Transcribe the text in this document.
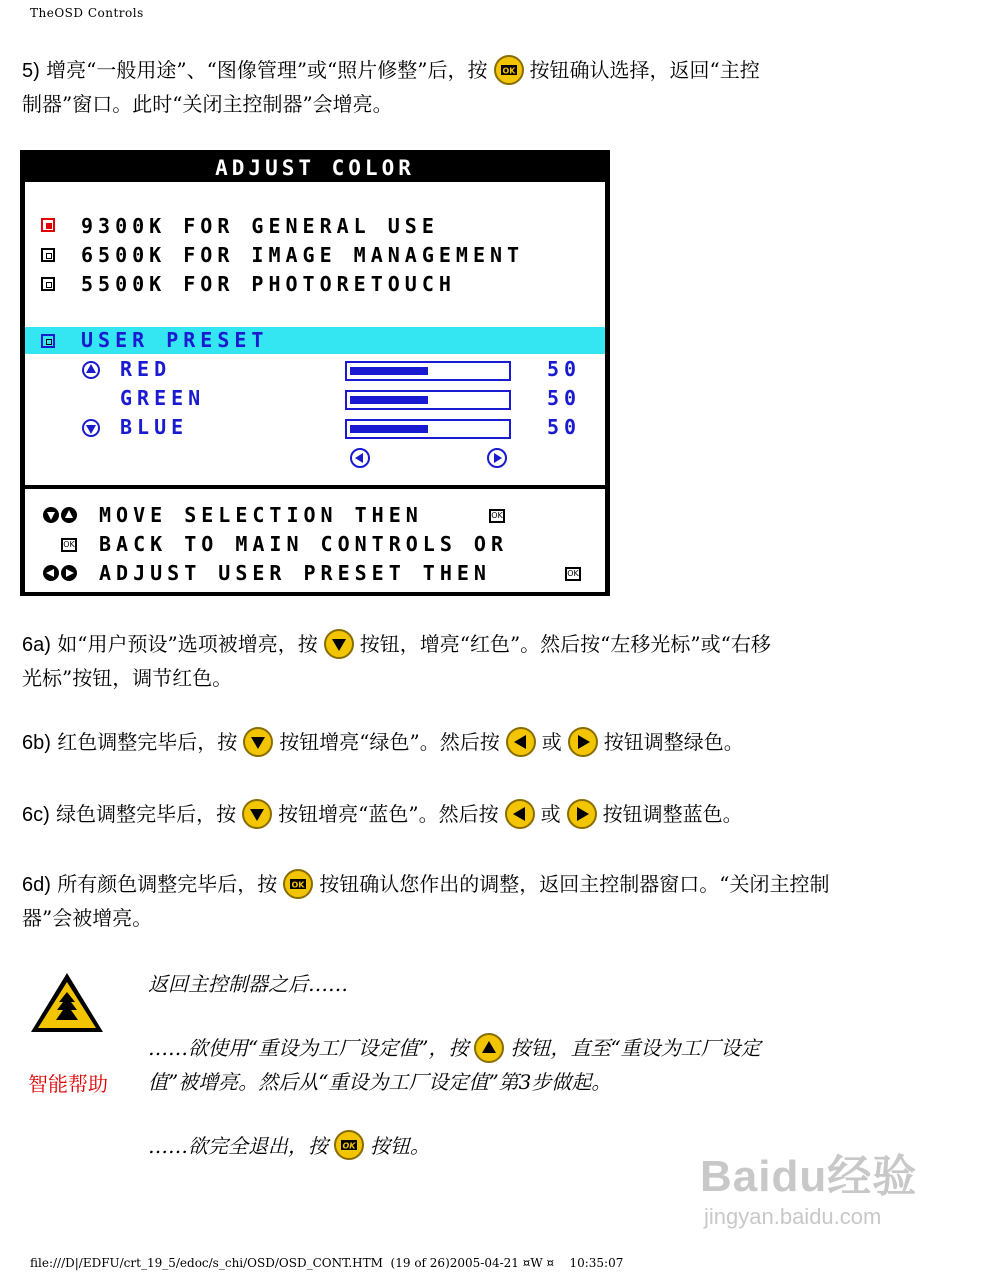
TheOSD Controls
5) 增亮“一般用途”、“图像管理”或“照片修整”后，按 OK 按钮确认选择，返回“主控
制器”窗口。此时“关闭主控制器”会增亮。
ADJUST COLOR
9300K FOR GENERAL USE
6500K FOR IMAGE MANAGEMENT
5500K FOR PHOTORETOUCH
USER PRESET
RED	50
GREEN	50
BLUE	50
MOVE SELECTION THEN	OK
OK BACK TO MAIN CONTROLS OR
ADJUST USER PRESET THEN	OK
6a) 如“用户预设”选项被增亮，按 按钮，增亮“红色”。然后按“左移光标”或“右移
光标”按钮，调节红色。
6b) 红色调整完毕后，按 按钮增亮“绿色”。然后按 或 按钮调整绿色。
6c) 绿色调整完毕后，按 按钮增亮“蓝色”。然后按 或 按钮调整蓝色。
6d) 所有颜色调整完毕后，按 OK 按钮确认您作出的调整，返回主控制器窗口。“关闭主控制
器”会被增亮。
智能帮助
返回主控制器之后……
……欲使用“重设为工厂设定值”，按 按钮，直至“重设为工厂设定
值”被增亮。然后从“重设为工厂设定值”第3步做起。
……欲完全退出，按 OK 按钮。
Baidu经验
jingyan.baidu.com
file:///D|/EDFU/crt_19_5/edoc/s_chi/OSD/OSD_CONT.HTM (19 of 26)2005-04-21 ¤W ¤ 10:35:07
